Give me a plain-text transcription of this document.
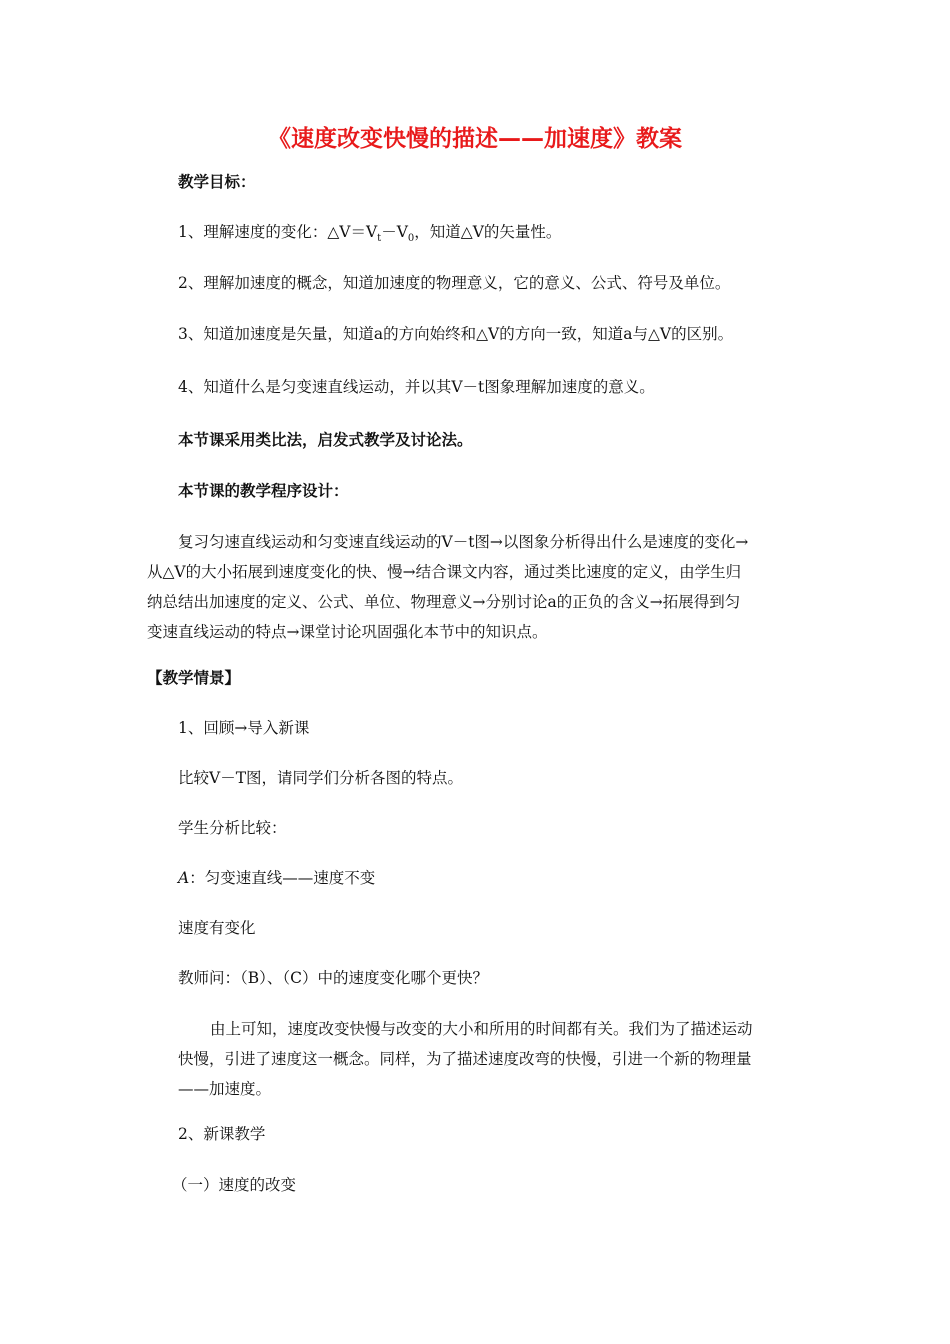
《速度改变快慢的描述——加速度》教案
教学目标：
1、理解速度的变化：$\triangle V=V_t-V_0$，知道△V的矢量性。
2、理解加速度的概念，知道加速度的物理意义，它的意义、公式、符号及单位。
3、知道加速度是矢量，知道a的方向始终和△V的方向一致，知道a与△V的区别。
4、知道什么是匀变速直线运动，并以其V－t图象理解加速度的意义。
本节课采用类比法，启发式教学及讨论法。
本节课的教学程序设计：
复习匀速直线运动和匀变速直线运动的V－t图→以图象分析得出什么是速度的变化→
从△V的大小拓展到速度变化的快、慢→结合课文内容，通过类比速度的定义，由学生归
纳总结出加速度的定义、公式、单位、物理意义→分别讨论a的正负的含义→拓展得到匀
变速直线运动的特点→课堂讨论巩固强化本节中的知识点。
【教学情景】
1、回顾→导入新课
比较V－T图，请同学们分析各图的特点。
学生分析比较：
A：匀变速直线——速度不变
速度有变化
教师问：（B）、（C）中的速度变化哪个更快？
由上可知，速度改变快慢与改变的大小和所用的时间都有关。我们为了描述运动
快慢，引进了速度这一概念。同样，为了描述速度改弯的快慢，引进一个新的物理量
——加速度。
2、新课教学
（一）速度的改变
